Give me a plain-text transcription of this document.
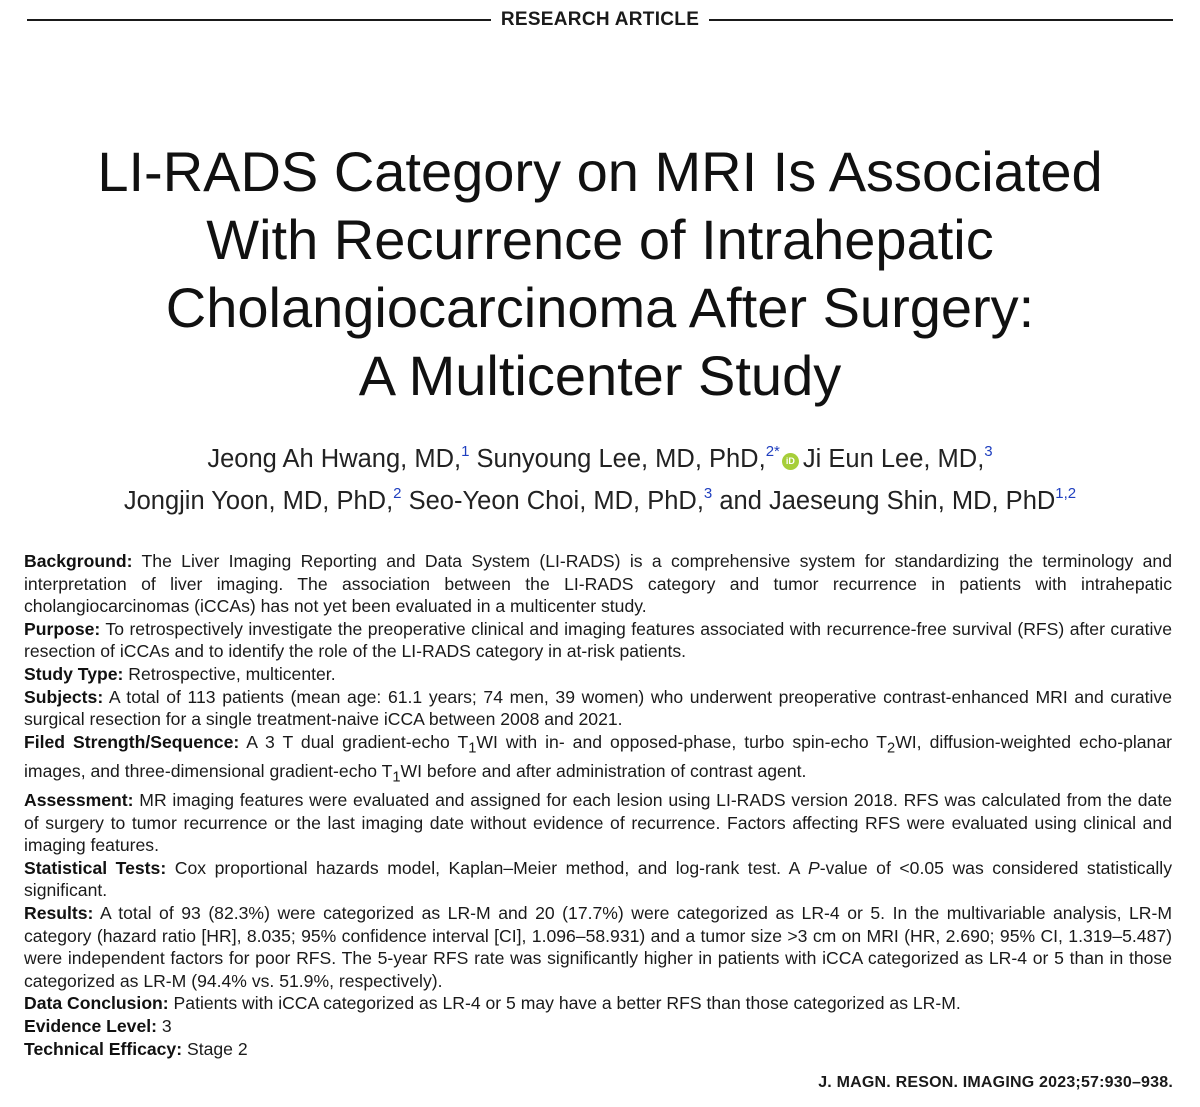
RESEARCH ARTICLE
LI-RADS Category on MRI Is Associated
With Recurrence of Intrahepatic
Cholangiocarcinoma After Surgery:
A Multicenter Study
Jeong Ah Hwang, MD,$^1$ Sunyoung Lee, MD, PhD,$^{2*}$iD Ji Eun Lee, MD,$^3$
Jongjin Yoon, MD, PhD,$^2$ Seo-Yeon Choi, MD, PhD,$^3$ and Jaeseung Shin, MD, PhD$^{1,2}$

Background: The Liver Imaging Reporting and Data System (LI-RADS) is a comprehensive system for standardizing the terminology and interpretation of liver imaging. The association between the LI-RADS category and tumor recurrence in patients with intrahepatic cholangiocarcinomas (iCCAs) has not yet been evaluated in a multicenter study.

Purpose: To retrospectively investigate the preoperative clinical and imaging features associated with recurrence-free survival (RFS) after curative resection of iCCAs and to identify the role of the LI-RADS category in at-risk patients.

Study Type: Retrospective, multicenter.

Subjects: A total of 113 patients (mean age: 61.1 years; 74 men, 39 women) who underwent preoperative contrast-enhanced MRI and curative surgical resection for a single treatment-naive iCCA between 2008 and 2021.

Filed Strength/Sequence: A 3 T dual gradient-echo $T_1WI$ with in- and opposed-phase, turbo spin-echo $T_2WI$, diffusion-weighted echo-planar images, and three-dimensional gradient-echo $T_1WI$ before and after administration of contrast agent.

Assessment: MR imaging features were evaluated and assigned for each lesion using LI-RADS version 2018. RFS was calculated from the date of surgery to tumor recurrence or the last imaging date without evidence of recurrence. Factors affecting RFS were evaluated using clinical and imaging features.

Statistical Tests: Cox proportional hazards model, Kaplan–Meier method, and log-rank test. A P-value of <0.05 was considered statistically significant.

Results: A total of 93 (82.3%) were categorized as LR-M and 20 (17.7%) were categorized as LR-4 or 5. In the multivariable analysis, LR-M category (hazard ratio [HR], 8.035; 95% confidence interval [CI], 1.096–58.931) and a tumor size >3 cm on MRI (HR, 2.690; 95% CI, 1.319–5.487) were independent factors for poor RFS. The 5-year RFS rate was significantly higher in patients with iCCA categorized as LR-4 or 5 than in those categorized as LR-M (94.4% vs. 51.9%, respectively).

Data Conclusion: Patients with iCCA categorized as LR-4 or 5 may have a better RFS than those categorized as LR-M.

Evidence Level: 3

Technical Efficacy: Stage 2

J. MAGN. RESON. IMAGING 2023;57:930–938.
